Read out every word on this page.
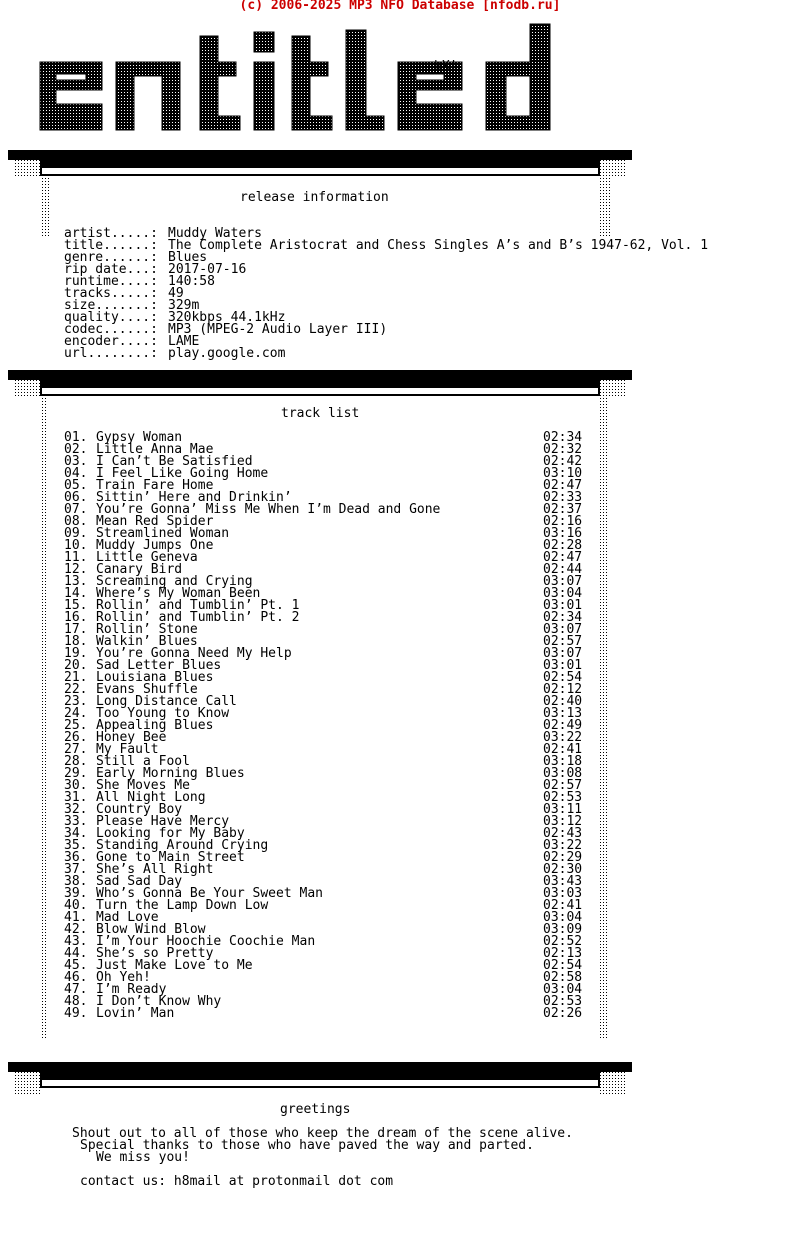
(c) 2006-2025 MP3 NFO Database [nfodb.ru]
hX!
release information
artist.....: Muddy Waters
title......: The Complete Aristocrat and Chess Singles A’s and B’s 1947-62, Vol. 1
genre......: Blues
rip date...: 2017-07-16
runtime....: 140:58
tracks.....: 49
size.......: 329m
quality....: 320kbps 44.1kHz
codec......: MP3 (MPEG-2 Audio Layer III)
encoder....: LAME
url........: play.google.com
track list
01. Gypsy Woman	02:34
02. Little Anna Mae	02:32
03. I Can’t Be Satisfied	02:42
04. I Feel Like Going Home	03:10
05. Train Fare Home	02:47
06. Sittin’ Here and Drinkin’	02:33
07. You’re Gonna’ Miss Me When I’m Dead and Gone	02:37
08. Mean Red Spider	02:16
09. Streamlined Woman	03:16
10. Muddy Jumps One	02:28
11. Little Geneva	02:47
12. Canary Bird	02:44
13. Screaming and Crying	03:07
14. Where’s My Woman Been	03:04
15. Rollin’ and Tumblin’ Pt. 1	03:01
16. Rollin’ and Tumblin’ Pt. 2	02:34
17. Rollin’ Stone	03:07
18. Walkin’ Blues	02:57
19. You’re Gonna Need My Help	03:07
20. Sad Letter Blues	03:01
21. Louisiana Blues	02:54
22. Evans Shuffle	02:12
23. Long Distance Call	02:40
24. Too Young to Know	03:13
25. Appealing Blues	02:49
26. Honey Bee	03:22
27. My Fault	02:41
28. Still a Fool	03:18
29. Early Morning Blues	03:08
30. She Moves Me	02:57
31. All Night Long	02:53
32. Country Boy	03:11
33. Please Have Mercy	03:12
34. Looking for My Baby	02:43
35. Standing Around Crying	03:22
36. Gone to Main Street	02:29
37. She’s All Right	02:30
38. Sad Sad Day	03:43
39. Who’s Gonna Be Your Sweet Man	03:03
40. Turn the Lamp Down Low	02:41
41. Mad Love	03:04
42. Blow Wind Blow	03:09
43. I’m Your Hoochie Coochie Man	02:52
44. She’s so Pretty	02:13
45. Just Make Love to Me	02:54
46. Oh Yeh!	02:58
47. I’m Ready	03:04
48. I Don’t Know Why	02:53
49. Lovin’ Man	02:26
greetings
Shout out to all of those who keep the dream of the scene alive.
Special thanks to those who have paved the way and parted.
We miss you!
contact us: h8mail at protonmail dot com
